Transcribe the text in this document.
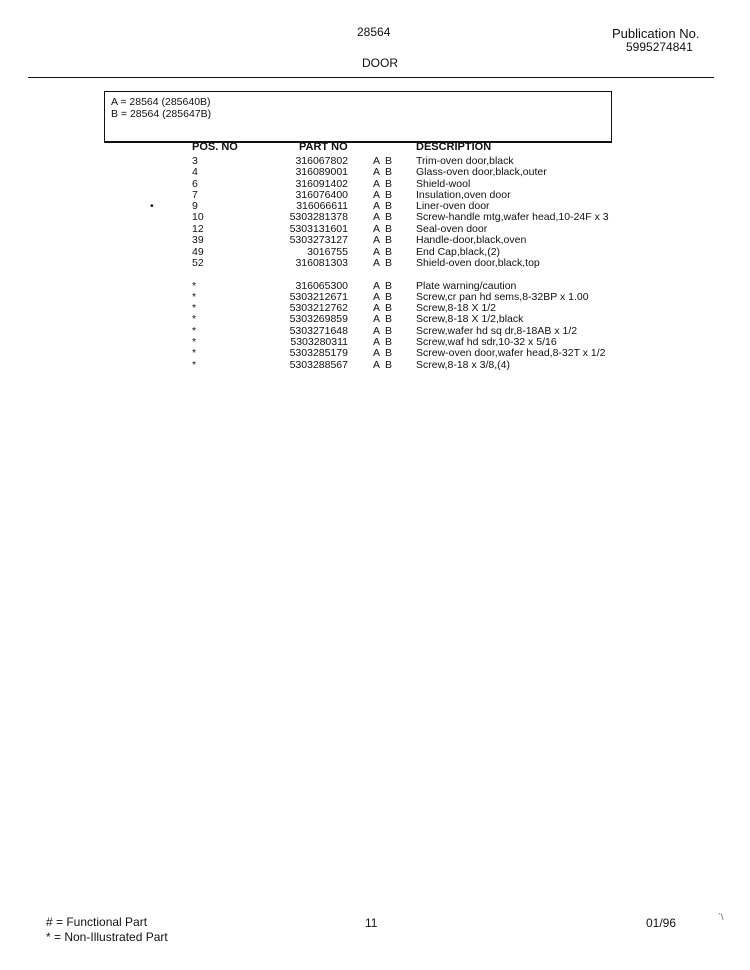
28564	Publication No.
5995274841
DOOR
A = 28564 (285640B)
B = 28564 (285647B)
POS. NO	PART NO	DESCRIPTION
3	316067802 A B Trim-oven door,black
4	316089001 A B Glass-oven door,black,outer
6	316091402 A B Shield-wool
7	316076400 A B Insulation,oven door
•	9	316066611 A B Liner-oven door
10	5303281378 A B Screw-handle mtg,wafer head,10-24F x 3
12	5303131601 A B Seal-oven door
39	5303273127 A B Handle-door,black,oven
49	3016755 A B End Cap,black,(2)
52	316081303 A B Shield-oven door,black,top
*	316065300 A B Plate warning/caution
*	5303212671 A B Screw,cr pan hd sems,8-32BP x 1.00
*	5303212762 A B Screw,8-18 X 1/2
*	5303269859 A B Screw,8-18 X 1/2,black
*	5303271648 A B Screw,wafer hd sq dr,8-18AB x 1/2
*	5303280311 A B Screw,waf hd sdr,10-32 x 5/16
*	5303285179 A B Screw-oven door,wafer head,8-32T x 1/2
*	5303288567 A B Screw,8-18 x 3/8,(4)
# = Functional Part
* = Non-Illustrated Part
11	01/96	`\
